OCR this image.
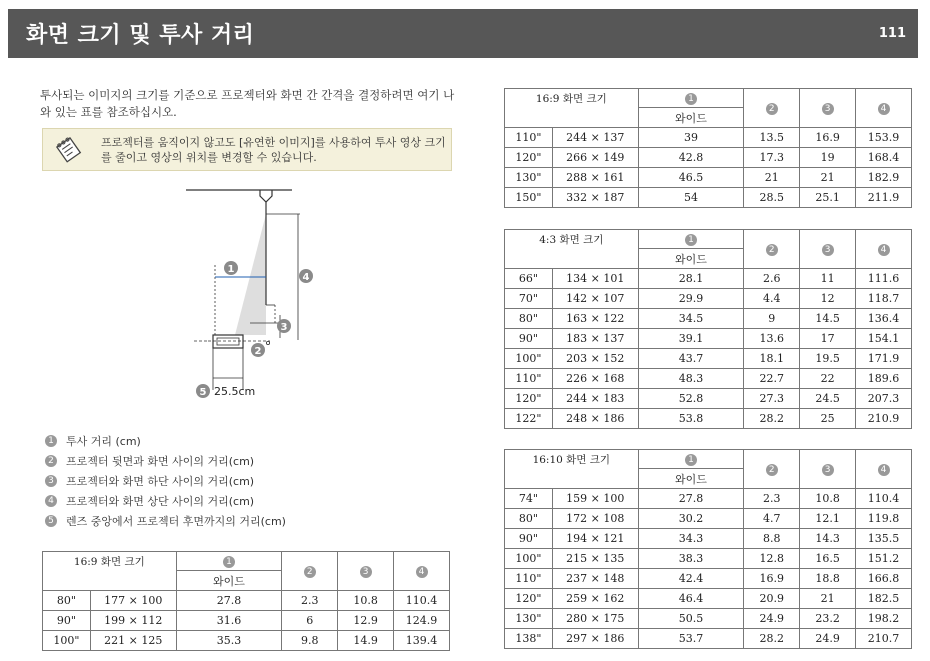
화면 크기 및 투사 거리	111
투사되는 이미지의 크기를 기준으로 프로젝터와 화면 간 간격을 결정하려면 여기 나와 있는 표를 참조하십시오.
프로젝터를 움직이지 않고도 [유연한 이미지]를 사용하여 투사 영상 크기를 줄이고 영상의 위치를 변경할 수 있습니다.
1
4
3
2
5 25.5cm
1 투사 거리 (cm)
2 프로젝터 뒷면과 화면 사이의 거리(cm)
3 프로젝터와 화면 하단 사이의 거리(cm)
4 프로젝터와 화면 상단 사이의 거리(cm)
5 렌즈 중앙에서 프로젝터 후면까지의 거리(cm)
16:9 화면 크기		1	2	3	4
		와이드			
80"	177 × 100	27.8	2.3	10.8	110.4
90"	199 × 112	31.6	6	12.9	124.9
100"	221 × 125	35.3	9.8	14.9	139.4
16:9 화면 크기		1	2	3	4
		와이드			
110"	244 × 137	39	13.5	16.9	153.9
120"	266 × 149	42.8	17.3	19	168.4
130"	288 × 161	46.5	21	21	182.9
150"	332 × 187	54	28.5	25.1	211.9
4:3 화면 크기		1	2	3	4
		와이드			
66"	134 × 101	28.1	2.6	11	111.6
70"	142 × 107	29.9	4.4	12	118.7
80"	163 × 122	34.5	9	14.5	136.4
90"	183 × 137	39.1	13.6	17	154.1
100"	203 × 152	43.7	18.1	19.5	171.9
110"	226 × 168	48.3	22.7	22	189.6
120"	244 × 183	52.8	27.3	24.5	207.3
122"	248 × 186	53.8	28.2	25	210.9
16:10 화면 크기		1	2	3	4
		와이드			
74"	159 × 100	27.8	2.3	10.8	110.4
80"	172 × 108	30.2	4.7	12.1	119.8
90"	194 × 121	34.3	8.8	14.3	135.5
100"	215 × 135	38.3	12.8	16.5	151.2
110"	237 × 148	42.4	16.9	18.8	166.8
120"	259 × 162	46.4	20.9	21	182.5
130"	280 × 175	50.5	24.9	23.2	198.2
138"	297 × 186	53.7	28.2	24.9	210.7
